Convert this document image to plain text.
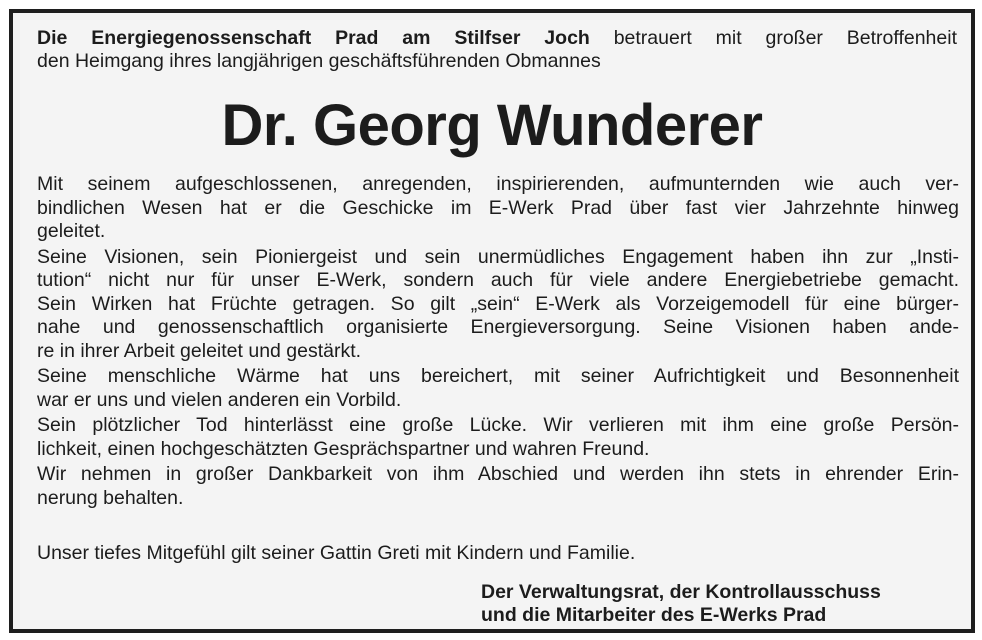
Die Energiegenossenschaft Prad am Stilfser Joch betrauert mit großer Betroffenheit
den Heimgang ihres langjährigen geschäftsführenden Obmannes
Dr. Georg Wunderer
Mit seinem aufgeschlossenen, anregenden, inspirierenden, aufmunternden wie auch ver-
bindlichen Wesen hat er die Geschicke im E-Werk Prad über fast vier Jahrzehnte hinweg
geleitet.
Seine Visionen, sein Pioniergeist und sein unermüdliches Engagement haben ihn zur „Insti-
tution“ nicht nur für unser E-Werk, sondern auch für viele andere Energiebetriebe gemacht.
Sein Wirken hat Früchte getragen. So gilt „sein“ E-Werk als Vorzeigemodell für eine bürger-
nahe und genossenschaftlich organisierte Energieversorgung. Seine Visionen haben ande-
re in ihrer Arbeit geleitet und gestärkt.
Seine menschliche Wärme hat uns bereichert, mit seiner Aufrichtigkeit und Besonnenheit
war er uns und vielen anderen ein Vorbild.
Sein plötzlicher Tod hinterlässt eine große Lücke. Wir verlieren mit ihm eine große Persön-
lichkeit, einen hochgeschätzten Gesprächspartner und wahren Freund.
Wir nehmen in großer Dankbarkeit von ihm Abschied und werden ihn stets in ehrender Erin-
nerung behalten.
Unser tiefes Mitgefühl gilt seiner Gattin Greti mit Kindern und Familie.
Der Verwaltungsrat, der Kontrollausschuss
und die Mitarbeiter des E-Werks Prad
